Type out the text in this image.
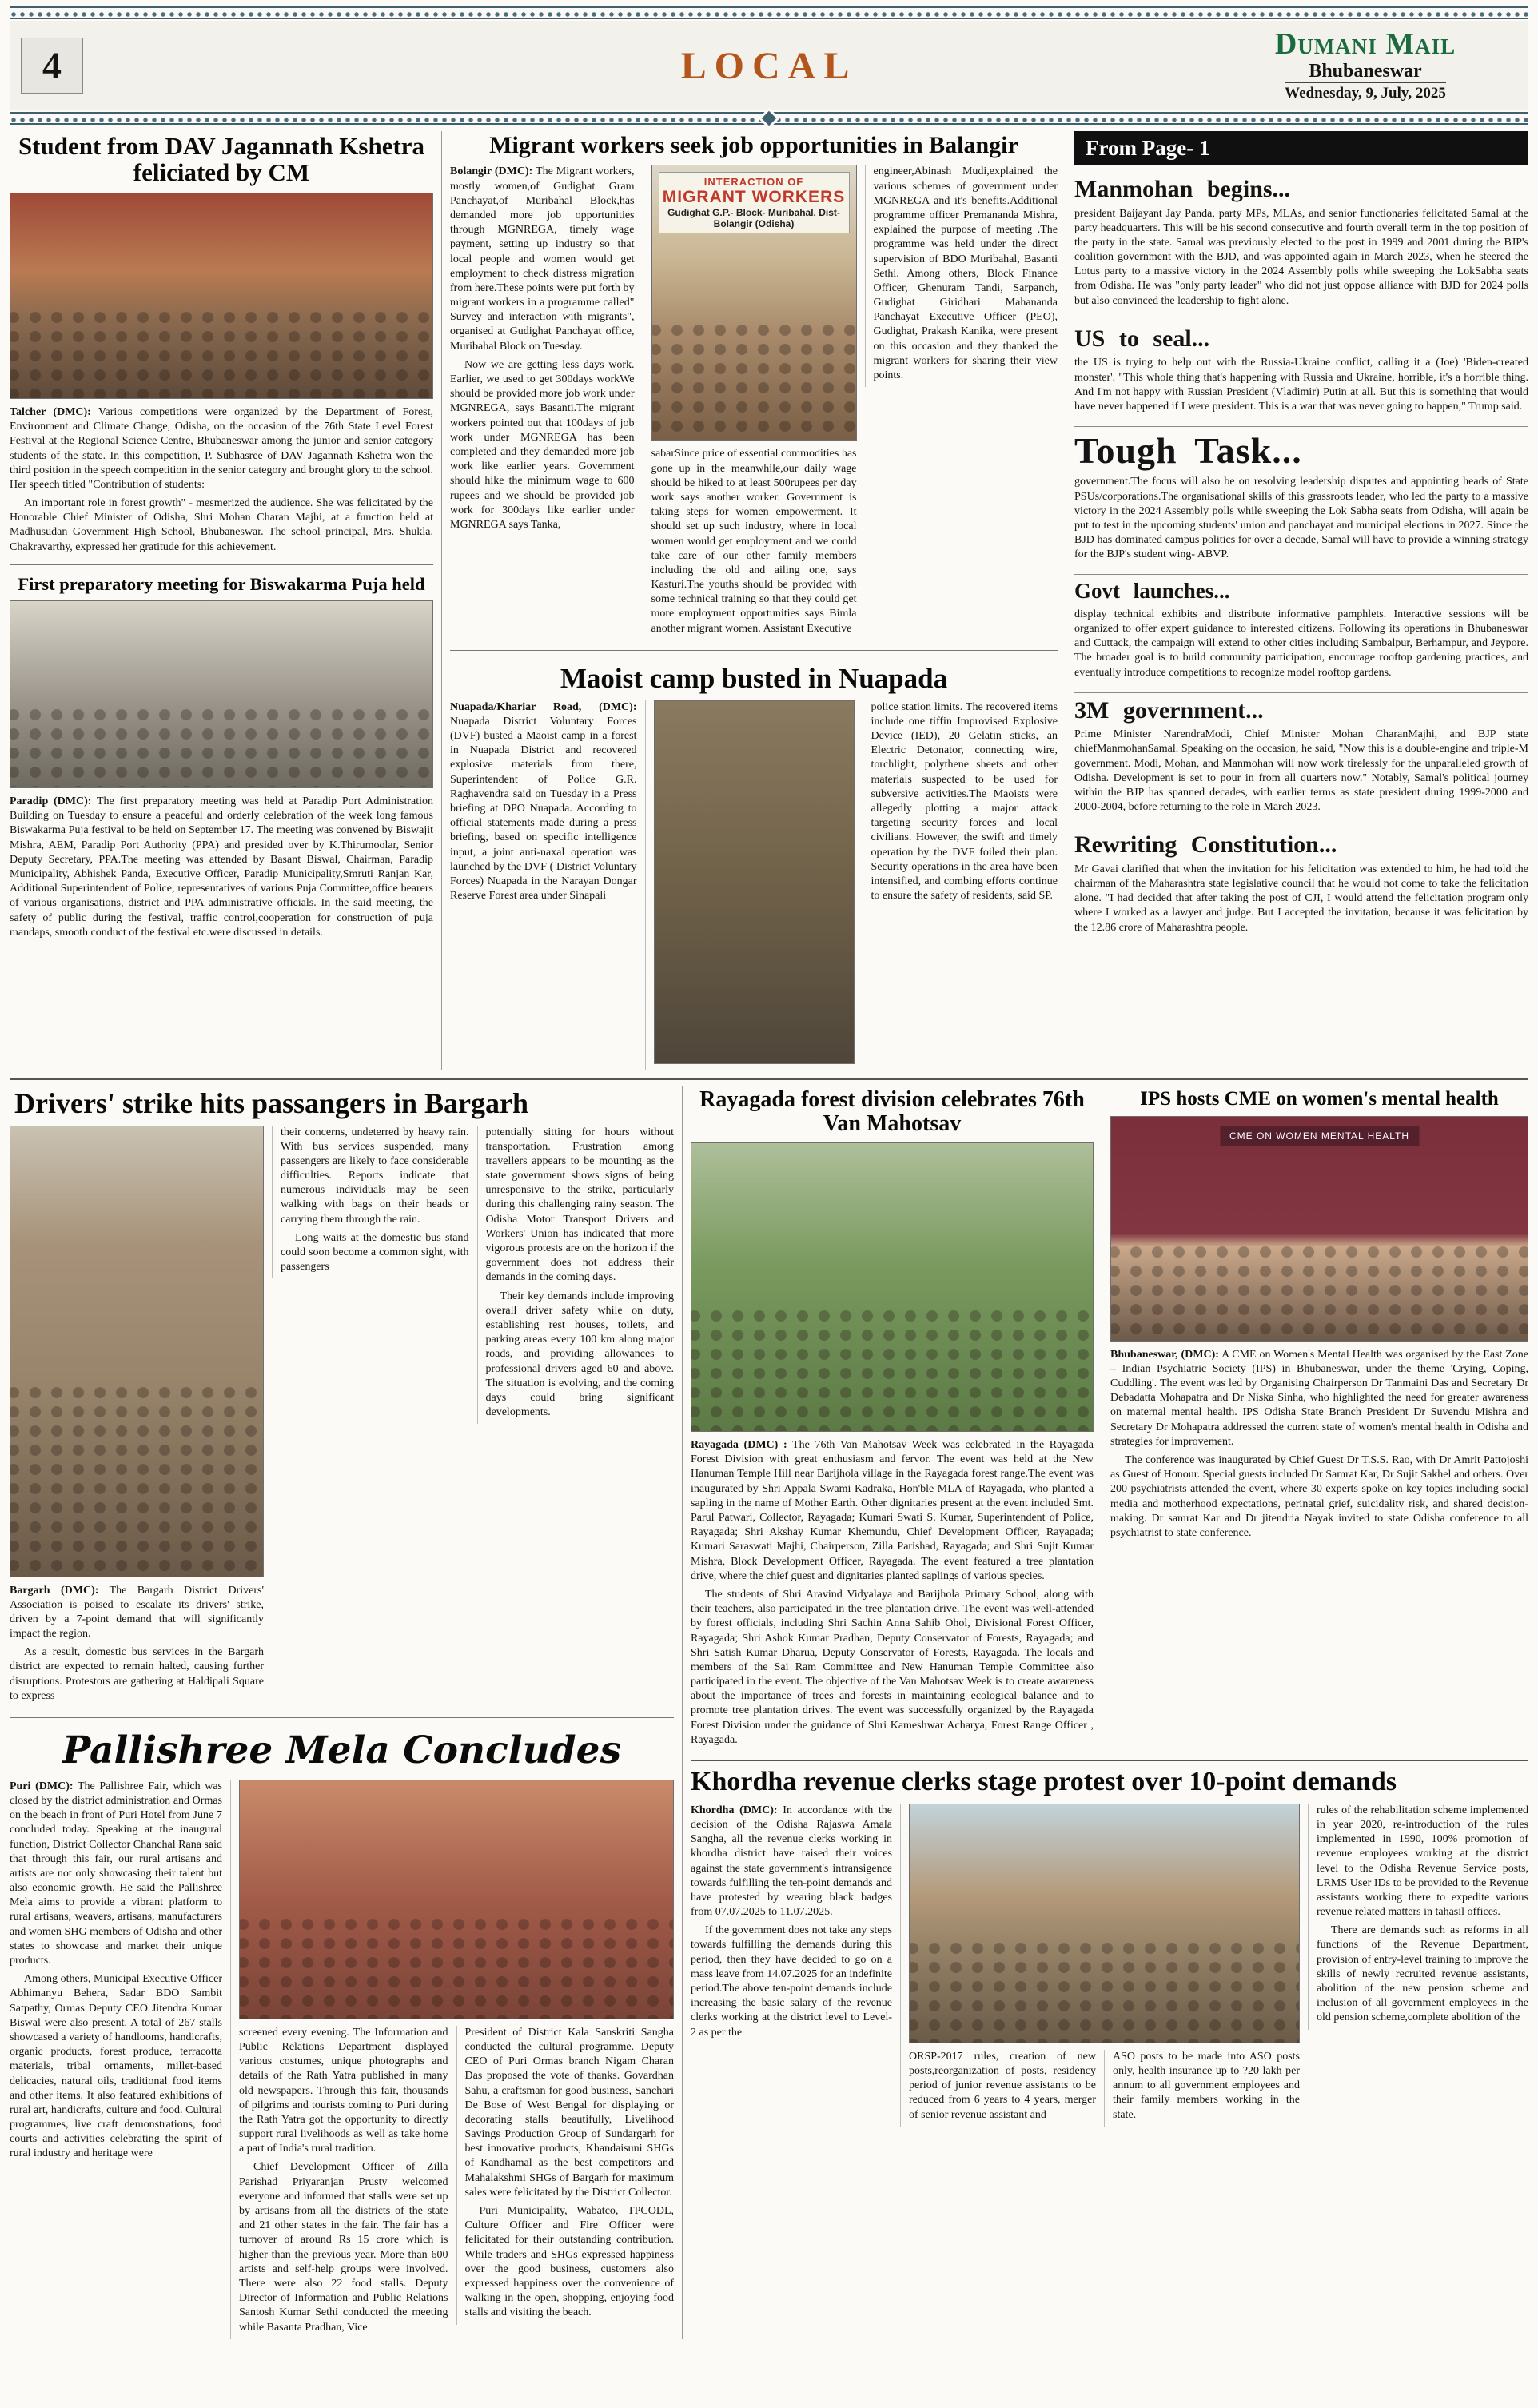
4	LOCAL
Dumani Mail
Bhubaneswar
Wednesday, 9, July, 2025
Student from DAV Jagannath Kshetra feliciated by CM

Talcher (DMC): Various competitions were organized by the Department of Forest, Environment and Climate Change, Odisha, on the occasion of the 76th State Level Forest Festival at the Regional Science Centre, Bhubaneswar among the junior and senior category students of the state. In this competition, P. Subhasree of DAV Jagannath Kshetra won the third position in the speech competition in the senior category and brought glory to the school. Her speech titled "Contribution of students:

An important role in forest growth" - mesmerized the audience. She was felicitated by the Honorable Chief Minister of Odisha, Shri Mohan Charan Majhi, at a function held at Madhusudan Government High School, Bhubaneswar. The school principal, Mrs. Shukla. Chakravarthy, expressed her gratitude for this achievement.

First preparatory meeting for Biswakarma Puja held

Paradip (DMC): The first preparatory meeting was held at Paradip Port Administration Building on Tuesday to ensure a peaceful and orderly celebration of the week long famous Biswakarma Puja festival to be held on September 17. The meeting was convened by Biswajit Mishra, AEM, Paradip Port Authority (PPA) and presided over by K.Thirumoolar, Senior Deputy Secretary, PPA.The meeting was attended by Basant Biswal, Chairman, Paradip Municipality, Abhishek Panda, Executive Officer, Paradip Municipality,Smruti Ranjan Kar, Additional Superintendent of Police, representatives of various Puja Committee,office bearers of various organisations, district and PPA administrative officials. In the said meeting, the safety of public during the festival, traffic control,cooperation for construction of puja mandaps, smooth conduct of the festival etc.were discussed in details.

Migrant workers seek job opportunities in Balangir

Bolangir (DMC): The Migrant workers, mostly women,of Gudighat Gram Panchayat,of Muribahal Block,has demanded more job opportunities through MGNREGA, timely wage payment, setting up industry so that local people and women would get employment to check distress migration from here.These points were put forth by migrant workers in a programme called" Survey and interaction with migrants", organised at Gudighat Panchayat office, Muribahal Block on Tuesday.

Now we are getting less days work. Earlier, we used to get 300days workWe should be provided more job work under MGNREGA, says Basanti.The migrant workers pointed out that 100days of job work under MGNREGA has been completed and they demanded more job work like earlier years. Government should hike the minimum wage to 600 rupees and we should be provided job work for 300days like earlier under MGNREGA says Tanka,

INTERACTION OF
MIGRANT WORKERS
Gudighat G.P.- Block- Muribahal, Dist-Bolangir (Odisha)

sabarSince price of essential commodities has gone up in the meanwhile,our daily wage should be hiked to at least 500rupees per day work says another worker. Government is taking steps for women empowerment. It should set up such industry, where in local women would get employment and we could take care of our other family members including the old and ailing one, says Kasturi.The youths should be provided with some technical training so that they could get more employment opportunities says Bimla another migrant women. Assistant Executive

engineer,Abinash Mudi,explained the various schemes of government under MGNREGA and it's benefits.Additional programme officer Premananda Mishra, explained the purpose of meeting .The programme was held under the direct supervision of BDO Muribahal, Basanti Sethi. Among others, Block Finance Officer, Ghenuram Tandi, Sarpanch, Gudighat Giridhari Mahananda Panchayat Executive Officer (PEO), Gudighat, Prakash Kanika, were present on this occasion and they thanked the migrant workers for sharing their view points.

Maoist camp busted in Nuapada

Nuapada/Khariar Road, (DMC): Nuapada District Voluntary Forces (DVF) busted a Maoist camp in a forest in Nuapada District and recovered explosive materials from there, Superintendent of Police G.R. Raghavendra said on Tuesday in a Press briefing at DPO Nuapada. According to official statements made during a press briefing, based on specific intelligence input, a joint anti-naxal operation was launched by the DVF ( District Voluntary Forces) Nuapada in the Narayan Dongar Reserve Forest area under Sinapali

police station limits. The recovered items include one tiffin Improvised Explosive Device (IED), 20 Gelatin sticks, an Electric Detonator, connecting wire, torchlight, polythene sheets and other materials suspected to be used for subversive activities.The Maoists were allegedly plotting a major attack targeting security forces and local civilians. However, the swift and timely operation by the DVF foiled their plan. Security operations in the area have been intensified, and combing efforts continue to ensure the safety of residents, said SP.

From Page- 1
Manmohan begins...

president Baijayant Jay Panda, party MPs, MLAs, and senior functionaries felicitated Samal at the party headquarters. This will be his second consecutive and fourth overall term in the top position of the party in the state. Samal was previously elected to the post in 1999 and 2001 during the BJP's coalition government with the BJD, and was appointed again in March 2023, when he steered the Lotus party to a massive victory in the 2024 Assembly polls while sweeping the LokSabha seats from Odisha. He was "only party leader" who did not just oppose alliance with BJD for 2024 polls but also convinced the leadership to fight alone.

US to seal...

the US is trying to help out with the Russia-Ukraine conflict, calling it a (Joe) 'Biden-created monster'. "This whole thing that's happening with Russia and Ukraine, horrible, it's a horrible thing. And I'm not happy with Russian President (Vladimir) Putin at all. But this is something that would have never happened if I were president. This is a war that was never going to happen," Trump said.

Tough Task...

government.The focus will also be on resolving leadership disputes and appointing heads of State PSUs/corporations.The organisational skills of this grassroots leader, who led the party to a massive victory in the 2024 Assembly polls while sweeping the Lok Sabha seats from Odisha, will again be put to test in the upcoming students' union and panchayat and municipal elections in 2027. Since the BJD has dominated campus politics for over a decade, Samal will have to provide a winning strategy for the BJP's student wing- ABVP.

Govt launches...

display technical exhibits and distribute informative pamphlets. Interactive sessions will be organized to offer expert guidance to interested citizens. Following its operations in Bhubaneswar and Cuttack, the campaign will extend to other cities including Sambalpur, Berhampur, and Jeypore. The broader goal is to build community participation, encourage rooftop gardening practices, and eventually introduce competitions to recognize model rooftop gardens.

3M government...

Prime Minister NarendraModi, Chief Minister Mohan CharanMajhi, and BJP state chiefManmohanSamal. Speaking on the occasion, he said, "Now this is a double-engine and triple-M government. Modi, Mohan, and Manmohan will now work tirelessly for the unparalleled growth of Odisha. Development is set to pour in from all quarters now." Notably, Samal's political journey within the BJP has spanned decades, with earlier terms as state president during 1999-2000 and 2000-2004, before returning to the role in March 2023.

Rewriting Constitution...

Mr Gavai clarified that when the invitation for his felicitation was extended to him, he had told the chairman of the Maharashtra state legislative council that he would not come to take the felicitation alone. "I had decided that after taking the post of CJI, I would attend the felicitation program only where I worked as a lawyer and judge. But I accepted the invitation, because it was felicitation by the 12.86 crore of Maharashtra people.

Drivers' strike hits passangers in Bargarh

Bargarh (DMC): The Bargarh District Drivers' Association is poised to escalate its drivers' strike, driven by a 7-point demand that will significantly impact the region.

As a result, domestic bus services in the Bargarh district are expected to remain halted, causing further disruptions. Protestors are gathering at Haldipali Square to express

their concerns, undeterred by heavy rain. With bus services suspended, many passengers are likely to face considerable difficulties. Reports indicate that numerous individuals may be seen walking with bags on their heads or carrying them through the rain.

Long waits at the domestic bus stand could soon become a common sight, with passengers

potentially sitting for hours without transportation. Frustration among travellers appears to be mounting as the state government shows signs of being unresponsive to the strike, particularly during this challenging rainy season. The Odisha Motor Transport Drivers and Workers' Union has indicated that more vigorous protests are on the horizon if the government does not address their demands in the coming days.

Their key demands include improving overall driver safety while on duty, establishing rest houses, toilets, and parking areas every 100 km along major roads, and providing allowances to professional drivers aged 60 and above. The situation is evolving, and the coming days could bring significant developments.

Pallishree Mela Concludes

Puri (DMC): The Pallishree Fair, which was closed by the district administration and Ormas on the beach in front of Puri Hotel from June 7 concluded today. Speaking at the inaugural function, District Collector Chanchal Rana said that through this fair, our rural artisans and artists are not only showcasing their talent but also economic growth. He said the Pallishree Mela aims to provide a vibrant platform to rural artisans, weavers, artisans, manufacturers and women SHG members of Odisha and other states to showcase and market their unique products.

Among others, Municipal Executive Officer Abhimanyu Behera, Sadar BDO Sambit Satpathy, Ormas Deputy CEO Jitendra Kumar Biswal were also present. A total of 267 stalls showcased a variety of handlooms, handicrafts, organic products, forest produce, terracotta materials, tribal ornaments, millet-based delicacies, natural oils, traditional food items and other items. It also featured exhibitions of rural art, handicrafts, culture and food. Cultural programmes, live craft demonstrations, food courts and activities celebrating the spirit of rural industry and heritage were

screened every evening. The Information and Public Relations Department displayed various costumes, unique photographs and details of the Rath Yatra published in many old newspapers. Through this fair, thousands of pilgrims and tourists coming to Puri during the Rath Yatra got the opportunity to directly support rural livelihoods as well as take home a part of India's rural tradition.

Chief Development Officer of Zilla Parishad Priyaranjan Prusty welcomed everyone and informed that stalls were set up by artisans from all the districts of the state and 21 other states in the fair. The fair has a turnover of around Rs 15 crore which is higher than the previous year. More than 600 artists and self-help groups were involved. There were also 22 food stalls. Deputy Director of Information and Public Relations Santosh Kumar Sethi conducted the meeting while Basanta Pradhan, Vice

President of District Kala Sanskriti Sangha conducted the cultural programme. Deputy CEO of Puri Ormas branch Nigam Charan Das proposed the vote of thanks. Govardhan Sahu, a craftsman for good business, Sanchari De Bose of West Bengal for displaying or decorating stalls beautifully, Livelihood Savings Production Group of Sundargarh for best innovative products, Khandaisuni SHGs of Kandhamal as the best competitors and Mahalakshmi SHGs of Bargarh for maximum sales were felicitated by the District Collector.

Puri Municipality, Wabatco, TPCODL, Culture Officer and Fire Officer were felicitated for their outstanding contribution. While traders and SHGs expressed happiness over the good business, customers also expressed happiness over the convenience of walking in the open, shopping, enjoying food stalls and visiting the beach.

Rayagada forest division celebrates 76th Van Mahotsav

Rayagada (DMC) : The 76th Van Mahotsav Week was celebrated in the Rayagada Forest Division with great enthusiasm and fervor. The event was held at the New Hanuman Temple Hill near Barijhola village in the Rayagada forest range.The event was inaugurated by Shri Appala Swami Kadraka, Hon'ble MLA of Rayagada, who planted a sapling in the name of Mother Earth. Other dignitaries present at the event included Smt. Parul Patwari, Collector, Rayagada; Kumari Swati S. Kumar, Superintendent of Police, Rayagada; Shri Akshay Kumar Khemundu, Chief Development Officer, Rayagada; Kumari Saraswati Majhi, Chairperson, Zilla Parishad, Rayagada; and Shri Sujit Kumar Mishra, Block Development Officer, Rayagada. The event featured a tree plantation drive, where the chief guest and dignitaries planted saplings of various species.

The students of Shri Aravind Vidyalaya and Barijhola Primary School, along with their teachers, also participated in the tree plantation drive. The event was well-attended by forest officials, including Shri Sachin Anna Sahib Ohol, Divisional Forest Officer, Rayagada; Shri Ashok Kumar Pradhan, Deputy Conservator of Forests, Rayagada; and Shri Satish Kumar Dharua, Deputy Conservator of Forests, Rayagada. The locals and members of the Sai Ram Committee and New Hanuman Temple Committee also participated in the event. The objective of the Van Mahotsav Week is to create awareness about the importance of trees and forests in maintaining ecological balance and to promote tree plantation drives. The event was successfully organized by the Rayagada Forest Division under the guidance of Shri Kameshwar Acharya, Forest Range Officer , Rayagada.

IPS hosts CME on women's mental health
CME ON WOMEN MENTAL HEALTH

Bhubaneswar, (DMC): A CME on Women's Mental Health was organised by the East Zone – Indian Psychiatric Society (IPS) in Bhubaneswar, under the theme 'Crying, Coping, Cuddling'. The event was led by Organising Chairperson Dr Tanmaini Das and Secretary Dr Debadatta Mohapatra and Dr Niska Sinha, who highlighted the need for greater awareness on maternal mental health. IPS Odisha State Branch President Dr Suvendu Mishra and Secretary Dr Mohapatra addressed the current state of women's mental health in Odisha and strategies for improvement.

The conference was inaugurated by Chief Guest Dr T.S.S. Rao, with Dr Amrit Pattojoshi as Guest of Honour. Special guests included Dr Samrat Kar, Dr Sujit Sakhel and others. Over 200 psychiatrists attended the event, where 30 experts spoke on key topics including social media and motherhood expectations, perinatal grief, suicidality risk, and shared decision-making. Dr samrat Kar and Dr jitendria Nayak invited to state Odisha conference to all psychiatrist to state conference.

Khordha revenue clerks stage protest over 10-point demands

Khordha (DMC): In accordance with the decision of the Odisha Rajaswa Amala Sangha, all the revenue clerks working in khordha district have raised their voices against the state government's intransigence towards fulfilling the ten-point demands and have protested by wearing black badges from 07.07.2025 to 11.07.2025.

If the government does not take any steps towards fulfilling the demands during this period, then they have decided to go on a mass leave from 14.07.2025 for an indefinite period.The above ten-point demands include increasing the basic salary of the revenue clerks working at the district level to Level-2 as per the

ORSP-2017 rules, creation of new posts,reorganization of posts, residency period of junior revenue assistants to be reduced from 6 years to 4 years, merger of senior revenue assistant and

ASO posts to be made into ASO posts only, health insurance up to ?20 lakh per annum to all government employees and their family members working in the state.

rules of the rehabilitation scheme implemented in year 2020, re-introduction of the rules implemented in 1990, 100% promotion of revenue employees working at the district level to the Odisha Revenue Service posts, LRMS User IDs to be provided to the Revenue assistants working there to expedite various revenue related matters in tahasil offices.

There are demands such as reforms in all functions of the Revenue Department, provision of entry-level training to improve the skills of newly recruited revenue assistants, abolition of the new pension scheme and inclusion of all government employees in the old pension scheme,complete abolition of the
